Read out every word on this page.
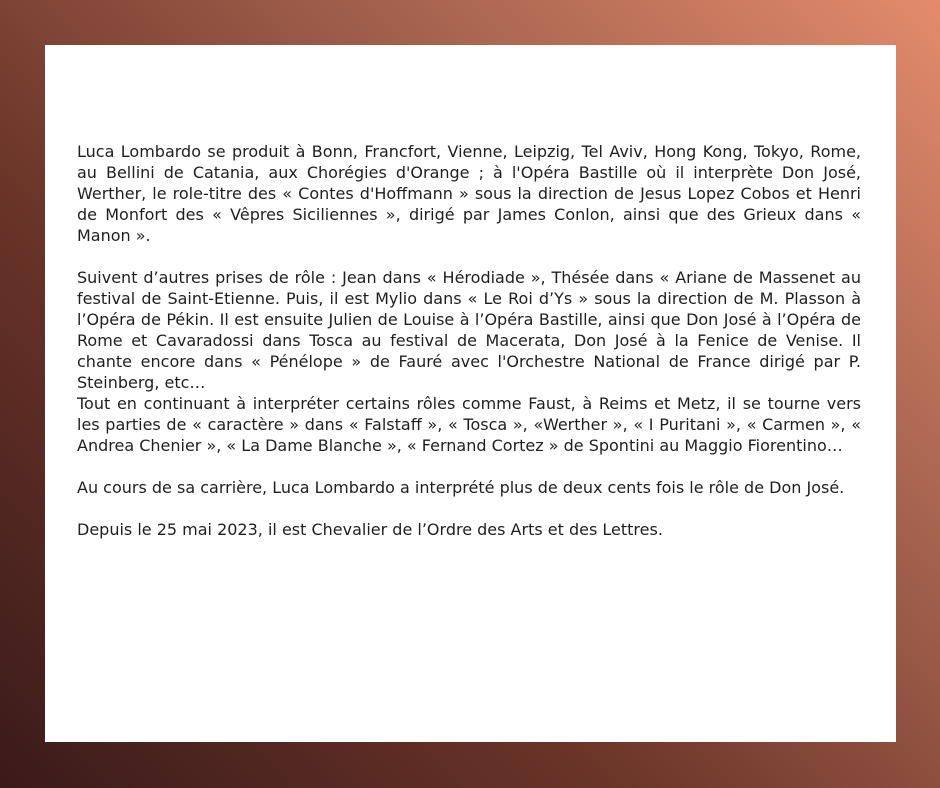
Luca Lombardo se produit à Bonn, Francfort, Vienne, Leipzig, Tel Aviv, Hong Kong, Tokyo, Rome, au Bellini de Catania, aux Chorégies d'Orange ; à l'Opéra Bastille où il interprète Don José, Werther, le role-titre des « Contes d'Hoffmann » sous la direction de Jesus Lopez Cobos et Henri de Monfort des « Vêpres Siciliennes », dirigé par James Conlon, ainsi que des Grieux dans « Manon ».

Suivent d’autres prises de rôle : Jean dans « Hérodiade », Thésée dans « Ariane de Massenet au festival de Saint-Etienne. Puis, il est Mylio dans « Le Roi d’Ys » sous la direction de M. Plasson à l’Opéra de Pékin. Il est ensuite Julien de Louise à l’Opéra Bastille, ainsi que Don José à l’Opéra de Rome et Cavaradossi dans Tosca au festival de Macerata, Don José à la Fenice de Venise. Il chante encore dans « Pénélope » de Fauré avec l'Orchestre National de France dirigé par P. Steinberg, etc…

Tout en continuant à interpréter certains rôles comme Faust, à Reims et Metz, il se tourne vers les parties de « caractère » dans « Falstaff », « Tosca », «Werther », « I Puritani », « Carmen », « Andrea Chenier », « La Dame Blanche », « Fernand Cortez » de Spontini au Maggio Fiorentino…

Au cours de sa carrière, Luca Lombardo a interprété plus de deux cents fois le rôle de Don José.

Depuis le 25 mai 2023, il est Chevalier de l’Ordre des Arts et des Lettres.
